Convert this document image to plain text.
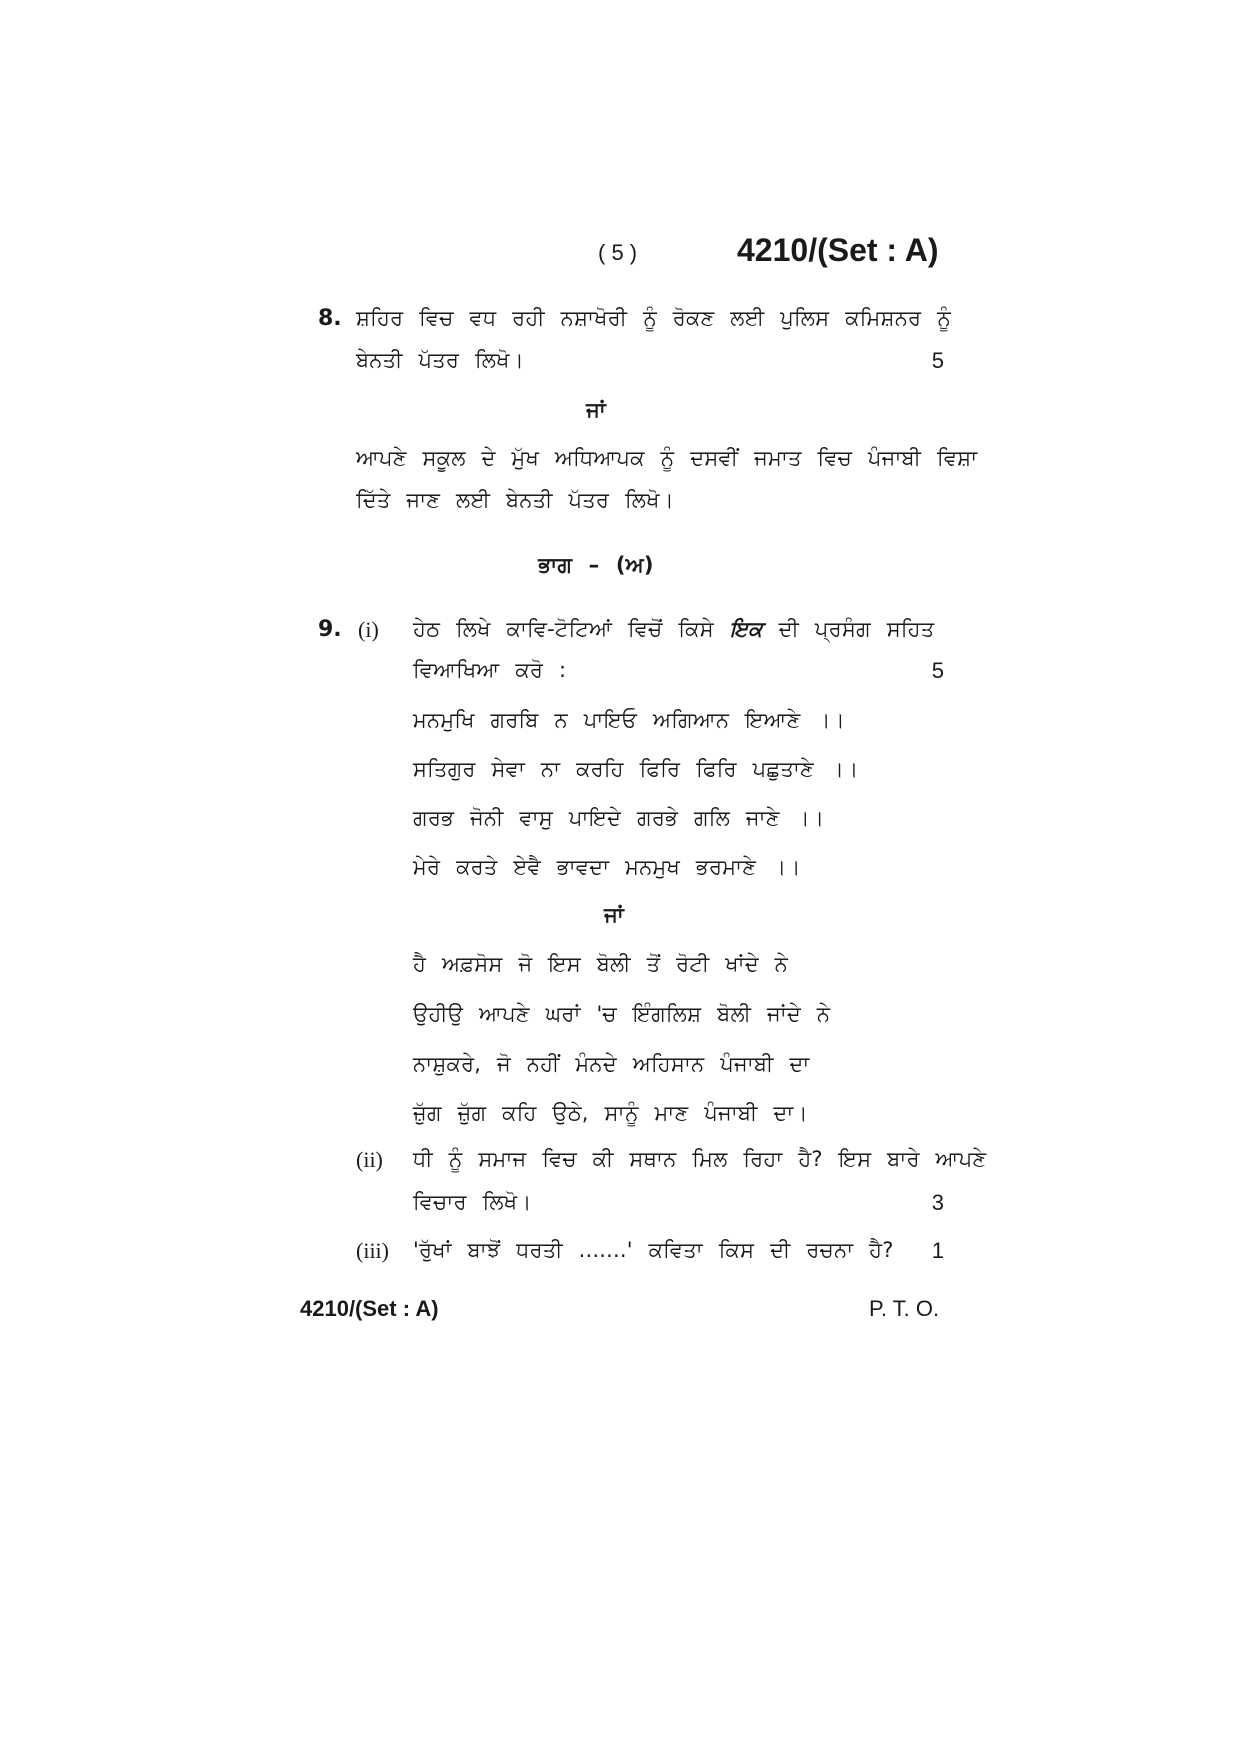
( 5 )	4210/(Set : A)
8. ਸ਼ਹਿਰ ਵਿਚ ਵਧ ਰਹੀ ਨਸ਼ਾਖੋਰੀ ਨੂੰ ਰੋਕਣ ਲਈ ਪੁਲਿਸ ਕਮਿਸ਼ਨਰ ਨੂੰ
ਬੇਨਤੀ ਪੱਤਰ ਲਿਖੋ।	5
ਜਾਂ
ਆਪਣੇ ਸਕੂਲ ਦੇ ਮੁੱਖ ਅਧਿਆਪਕ ਨੂੰ ਦਸਵੀਂ ਜਮਾਤ ਵਿਚ ਪੰਜਾਬੀ ਵਿਸ਼ਾ
ਦਿੱਤੇ ਜਾਣ ਲਈ ਬੇਨਤੀ ਪੱਤਰ ਲਿਖੋ।
ਭਾਗ – (ਅ)
9. (i) ਹੇਠ ਲਿਖੇ ਕਾਵਿ-ਟੋਟਿਆਂ ਵਿਚੋਂ ਕਿਸੇ ਇਕ ਦੀ ਪ੍ਰਸੰਗ ਸਹਿਤ
ਵਿਆਖਿਆ ਕਰੋ :	5
ਮਨਮੁਖਿ ਗਰਬਿ ਨ ਪਾਇਓ ਅਗਿਆਨ ਇਆਣੇ ।।
ਸਤਿਗੁਰ ਸੇਵਾ ਨਾ ਕਰਹਿ ਫਿਰਿ ਫਿਰਿ ਪਛੁਤਾਣੇ ।।
ਗਰਭ ਜੋਨੀ ਵਾਸੁ ਪਾਇਦੇ ਗਰਭੇ ਗਲਿ ਜਾਣੇ ।।
ਮੇਰੇ ਕਰਤੇ ਏਵੈ ਭਾਵਦਾ ਮਨਮੁਖ ਭਰਮਾਣੇ ।।
ਜਾਂ
ਹੈ ਅਫ਼ਸੋਸ ਜੋ ਇਸ ਬੋਲੀ ਤੋਂ ਰੋਟੀ ਖਾਂਦੇ ਨੇ
ਉਹੀਉ ਆਪਣੇ ਘਰਾਂ 'ਚ ਇੰਗਲਿਸ਼ ਬੋਲੀ ਜਾਂਦੇ ਨੇ
ਨਾਸ਼ੁਕਰੇ, ਜੋ ਨਹੀਂ ਮੰਨਦੇ ਅਹਿਸਾਨ ਪੰਜਾਬੀ ਦਾ
ਜ਼ੁੱਗ ਜ਼ੁੱਗ ਕਹਿ ਉਠੇ, ਸਾਨੂੰ ਮਾਣ ਪੰਜਾਬੀ ਦਾ।
(ii) ਧੀ ਨੂੰ ਸਮਾਜ ਵਿਚ ਕੀ ਸਥਾਨ ਮਿਲ ਰਿਹਾ ਹੈ? ਇਸ ਬਾਰੇ ਆਪਣੇ
ਵਿਚਾਰ ਲਿਖੋ।	3
(iii) 'ਰੁੱਖਾਂ ਬਾਝੋਂ ਧਰਤੀ .......' ਕਵਿਤਾ ਕਿਸ ਦੀ ਰਚਨਾ ਹੈ?	1
4210/(Set : A)	P. T. O.
